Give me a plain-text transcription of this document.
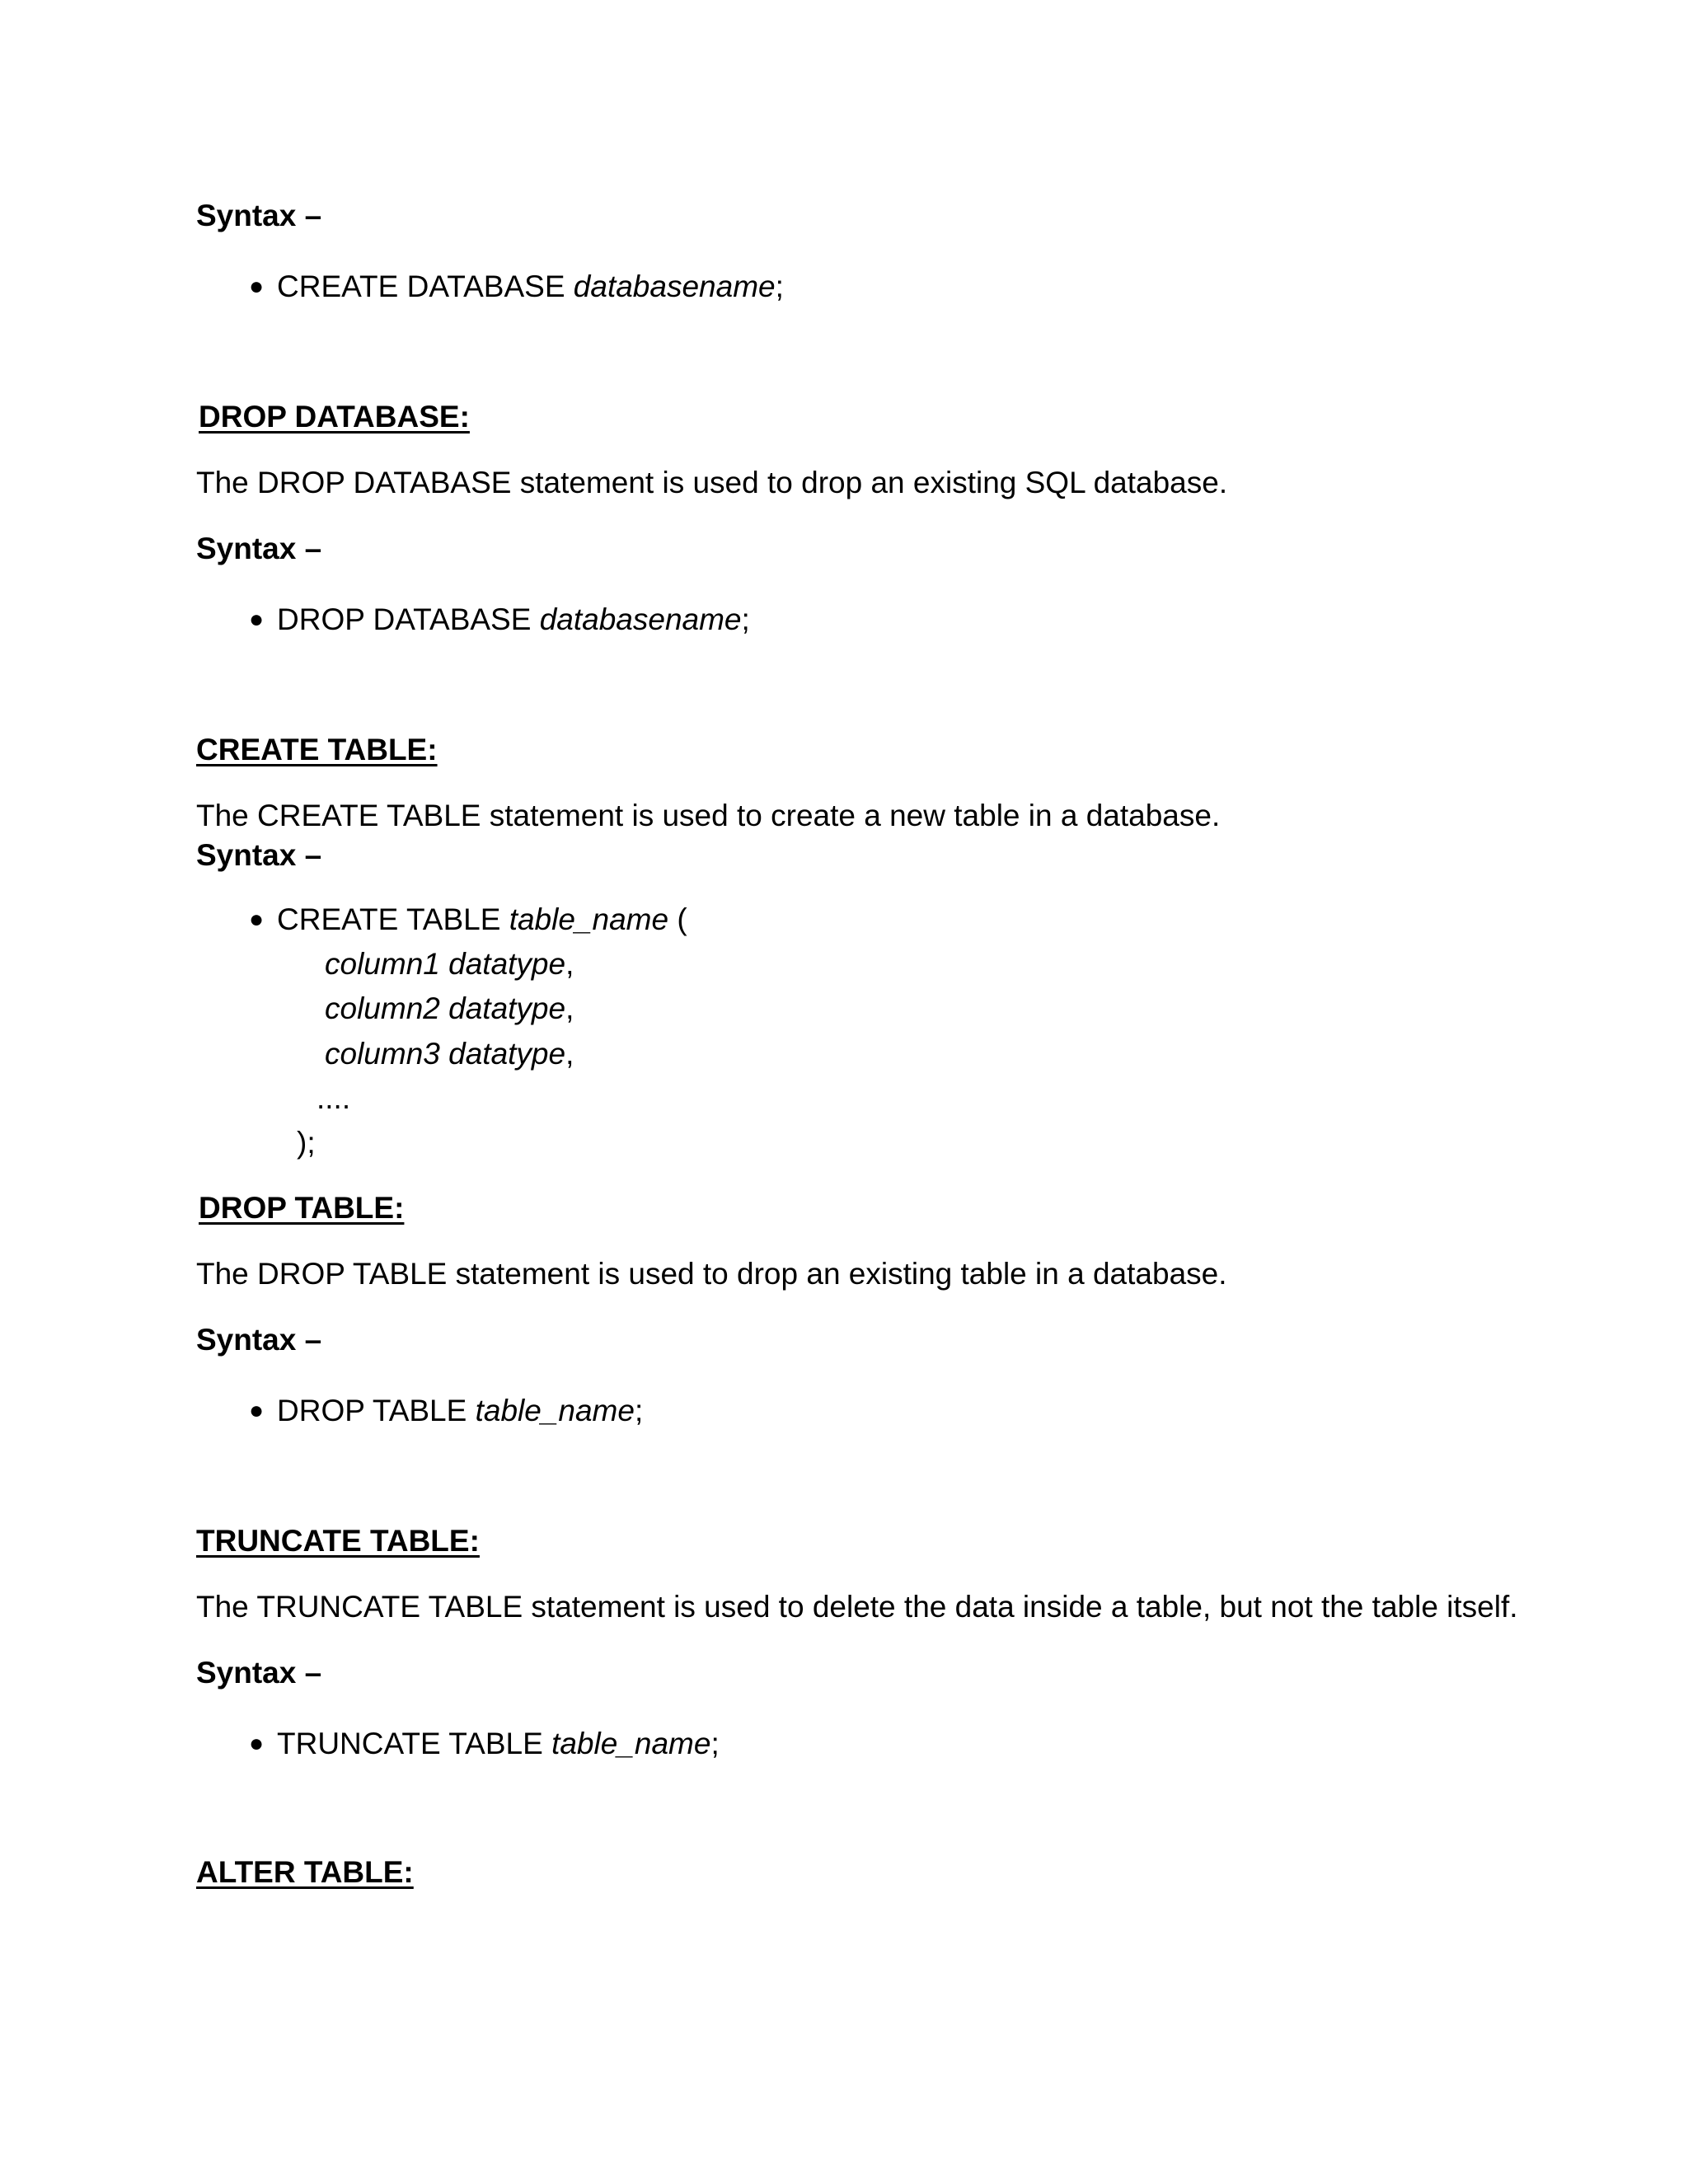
Syntax –
● CREATE DATABASE databasename;
DROP DATABASE:
The DROP DATABASE statement is used to drop an existing SQL database.
Syntax –
● DROP DATABASE databasename;
CREATE TABLE:
The CREATE TABLE statement is used to create a new table in a database.
Syntax –
● CREATE TABLE table_name (
column1 datatype,
column2 datatype,
column3 datatype,
....
);
DROP TABLE:
The DROP TABLE statement is used to drop an existing table in a database.
Syntax –
● DROP TABLE table_name;
TRUNCATE TABLE:
The TRUNCATE TABLE statement is used to delete the data inside a table, but not the table itself.
Syntax –
● TRUNCATE TABLE table_name;
ALTER TABLE:
